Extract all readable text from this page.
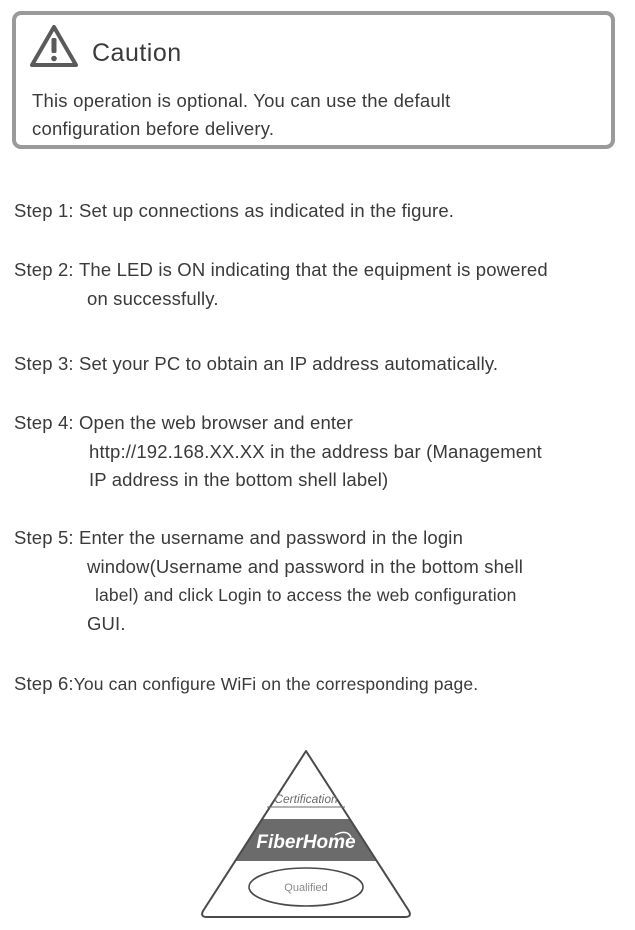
Caution
This operation is optional. You can use the default
configuration before delivery.
Step 1: Set up connections as indicated in the figure.
Step 2: The LED is ON indicating that the equipment is powered
on successfully.
Step 3: Set your PC to obtain an IP address automatically.
Step 4: Open the web browser and enter
http://192.168.XX.XX in the address bar (Management
IP address in the bottom shell label)
Step 5: Enter the username and password in the login
window(Username and password in the bottom shell
label) and click Login to access the web configuration
GUI.
Step 6:You can configure WiFi on the corresponding page.
Certification
FiberHome
Qualified
